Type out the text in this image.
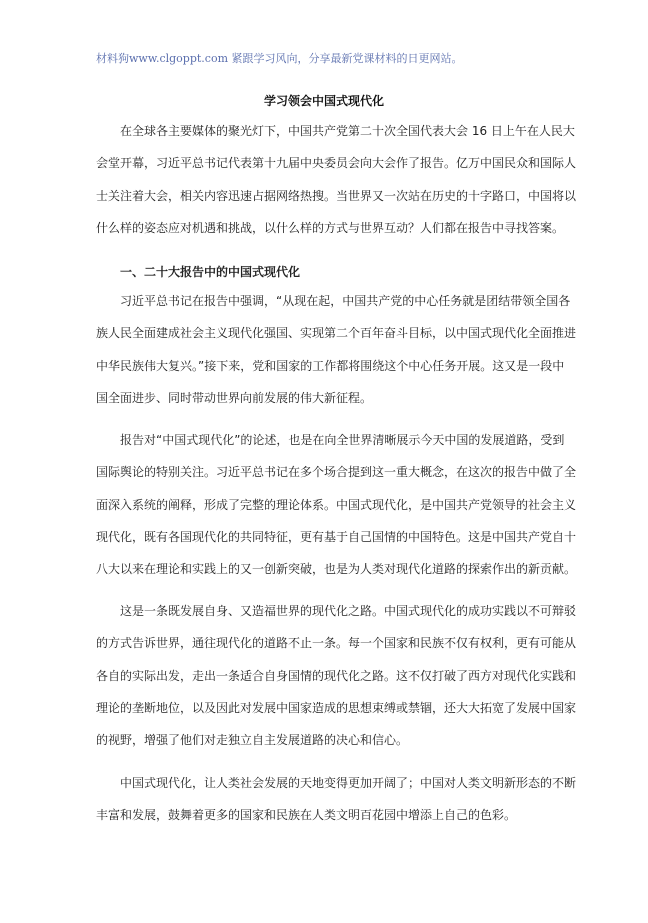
材料狗www.clgoppt.com 紧跟学习风向，分享最新党课材料的日更网站。
学习领会中国式现代化
在全球各主要媒体的聚光灯下，中国共产党第二十次全国代表大会 16 日上午在人民大
会堂开幕，习近平总书记代表第十九届中央委员会向大会作了报告。亿万中国民众和国际人
士关注着大会，相关内容迅速占据网络热搜。当世界又一次站在历史的十字路口，中国将以
什么样的姿态应对机遇和挑战，以什么样的方式与世界互动？人们都在报告中寻找答案。
一、二十大报告中的中国式现代化
习近平总书记在报告中强调，“从现在起，中国共产党的中心任务就是团结带领全国各
族人民全面建成社会主义现代化强国、实现第二个百年奋斗目标，以中国式现代化全面推进
中华民族伟大复兴。”接下来，党和国家的工作都将围绕这个中心任务开展。这又是一段中
国全面进步、同时带动世界向前发展的伟大新征程。
报告对“中国式现代化”的论述，也是在向全世界清晰展示今天中国的发展道路，受到
国际舆论的特别关注。习近平总书记在多个场合提到这一重大概念，在这次的报告中做了全
面深入系统的阐释，形成了完整的理论体系。中国式现代化，是中国共产党领导的社会主义
现代化，既有各国现代化的共同特征，更有基于自己国情的中国特色。这是中国共产党自十
八大以来在理论和实践上的又一创新突破，也是为人类对现代化道路的探索作出的新贡献。
这是一条既发展自身、又造福世界的现代化之路。中国式现代化的成功实践以不可辩驳
的方式告诉世界，通往现代化的道路不止一条。每一个国家和民族不仅有权利，更有可能从
各自的实际出发，走出一条适合自身国情的现代化之路。这不仅打破了西方对现代化实践和
理论的垄断地位，以及因此对发展中国家造成的思想束缚或禁锢，还大大拓宽了发展中国家
的视野，增强了他们对走独立自主发展道路的决心和信心。
中国式现代化，让人类社会发展的天地变得更加开阔了；中国对人类文明新形态的不断
丰富和发展，鼓舞着更多的国家和民族在人类文明百花园中增添上自己的色彩。
